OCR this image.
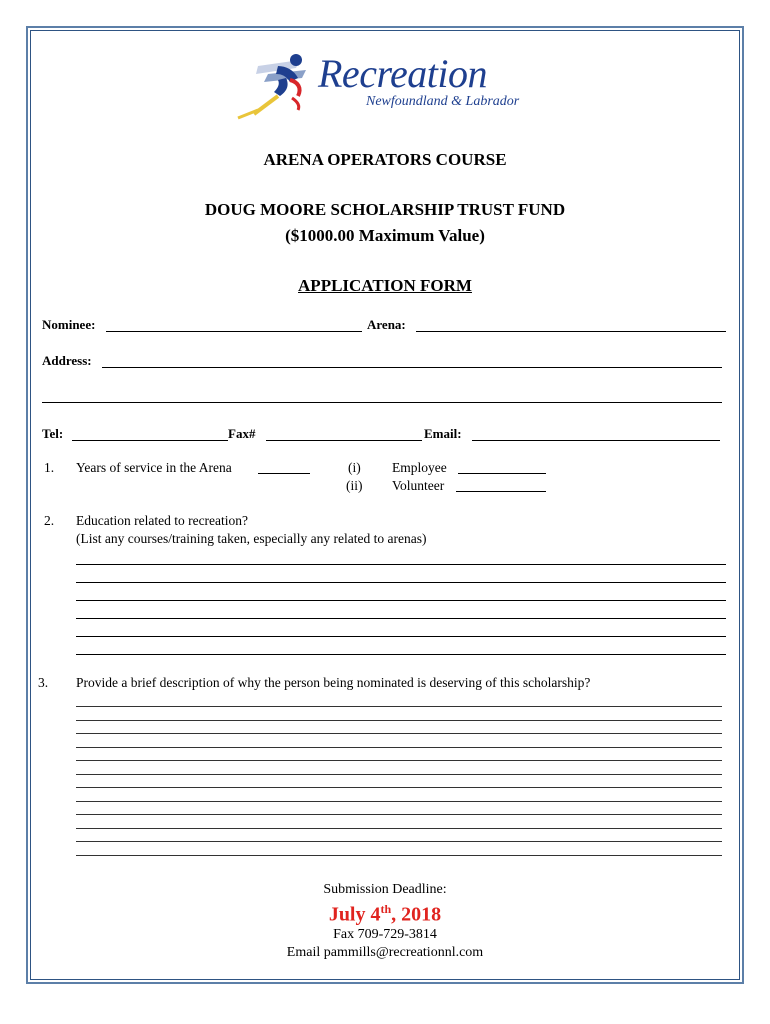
Recreation
Newfoundland & Labrador
ARENA OPERATORS COURSE
DOUG MOORE SCHOLARSHIP TRUST FUND
($1000.00 Maximum Value)
APPLICATION FORM
Nominee:	Arena:
Address:
Tel:	Fax#	Email:
1. Years of service in the Arena	(i) Employee
(ii) Volunteer
2. Education related to recreation?
(List any courses/training taken, especially any related to arenas)
3. Provide a brief description of why the person being nominated is deserving of this scholarship?
Submission Deadline:
July 4th, 2018
Fax 709-729-3814
Email pammills@recreationnl.com
